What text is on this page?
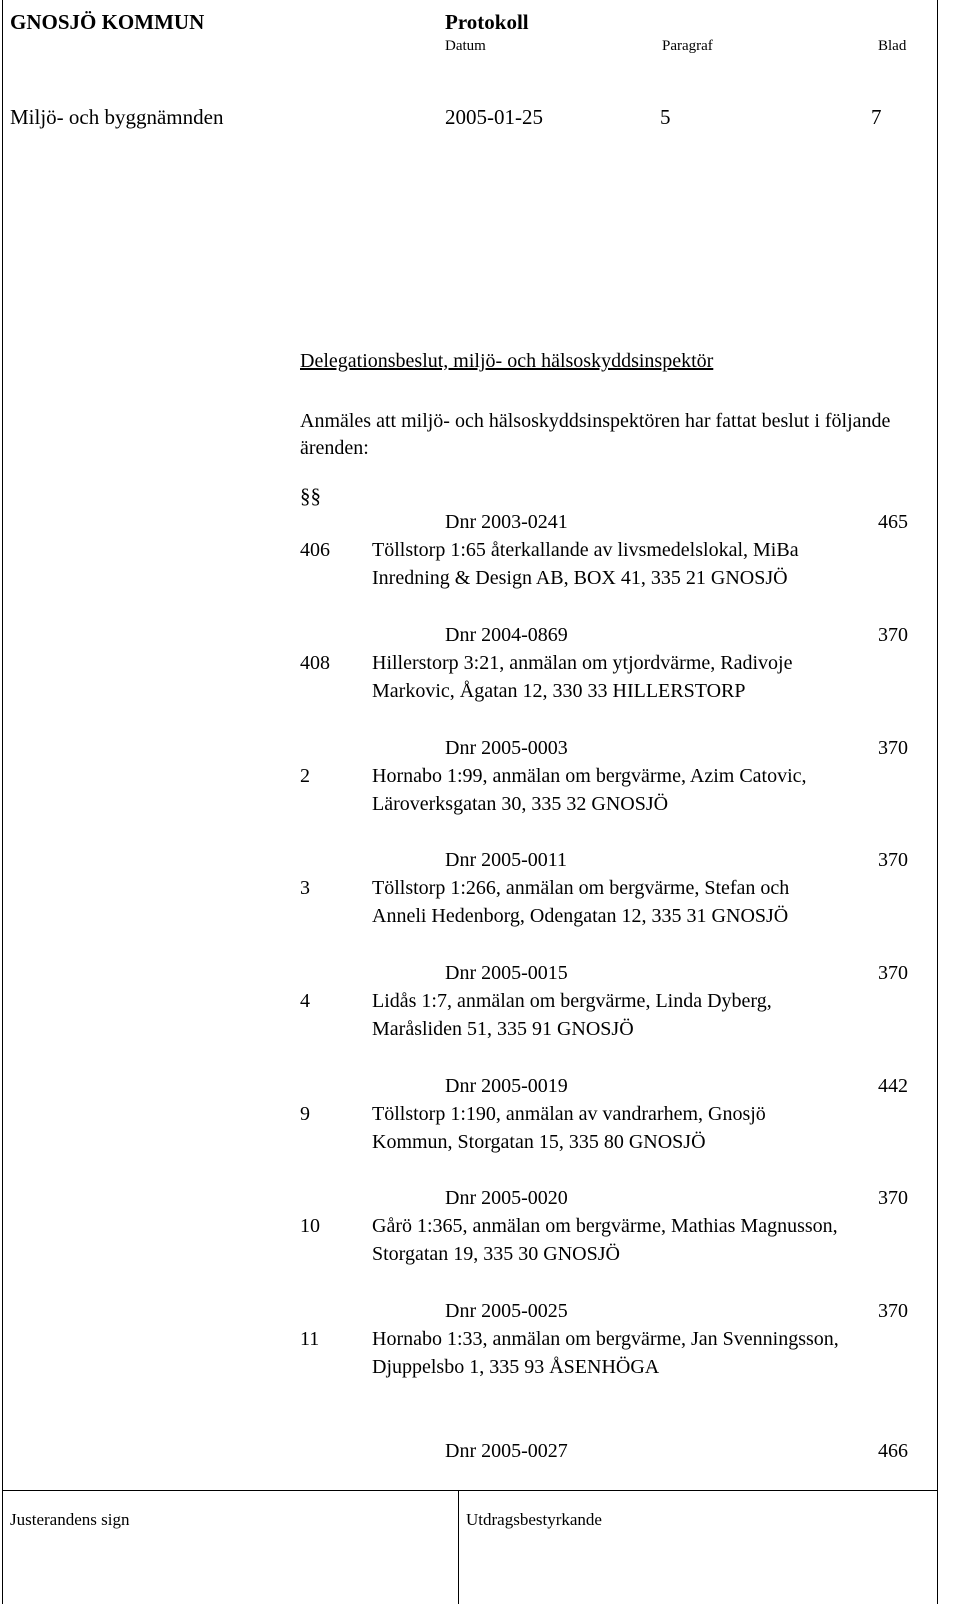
GNOSJÖ KOMMUN	Protokoll
Datum	Paragraf	Blad
Miljö- och byggnämnden	2005-01-25	5	7
Delegationsbeslut, miljö- och hälsoskyddsinspektör
Anmäles att miljö- och hälsoskyddsinspektören har fattat beslut i följande ärenden:
§§
Dnr 2003-0241	465
406 Töllstorp 1:65 återkallande av livsmedelslokal, MiBa
Inredning & Design AB, BOX 41, 335 21 GNOSJÖ
Dnr 2004-0869	370
408 Hillerstorp 3:21, anmälan om ytjordvärme, Radivoje
Markovic, Ågatan 12, 330 33 HILLERSTORP
Dnr 2005-0003	370
2	Hornabo 1:99, anmälan om bergvärme, Azim Catovic,
Läroverksgatan 30, 335 32 GNOSJÖ
Dnr 2005-0011	370
3	Töllstorp 1:266, anmälan om bergvärme, Stefan och
Anneli Hedenborg, Odengatan 12, 335 31 GNOSJÖ
Dnr 2005-0015	370
4	Lidås 1:7, anmälan om bergvärme, Linda Dyberg,
Maråsliden 51, 335 91 GNOSJÖ
Dnr 2005-0019	442
9	Töllstorp 1:190, anmälan av vandrarhem, Gnosjö
Kommun, Storgatan 15, 335 80 GNOSJÖ
Dnr 2005-0020	370
10	Gårö 1:365, anmälan om bergvärme, Mathias Magnusson,
Storgatan 19, 335 30 GNOSJÖ
Dnr 2005-0025	370
11	Hornabo 1:33, anmälan om bergvärme, Jan Svenningsson,
Djuppelsbo 1, 335 93 ÅSENHÖGA
Dnr 2005-0027	466
Justerandens sign	Utdragsbestyrkande
